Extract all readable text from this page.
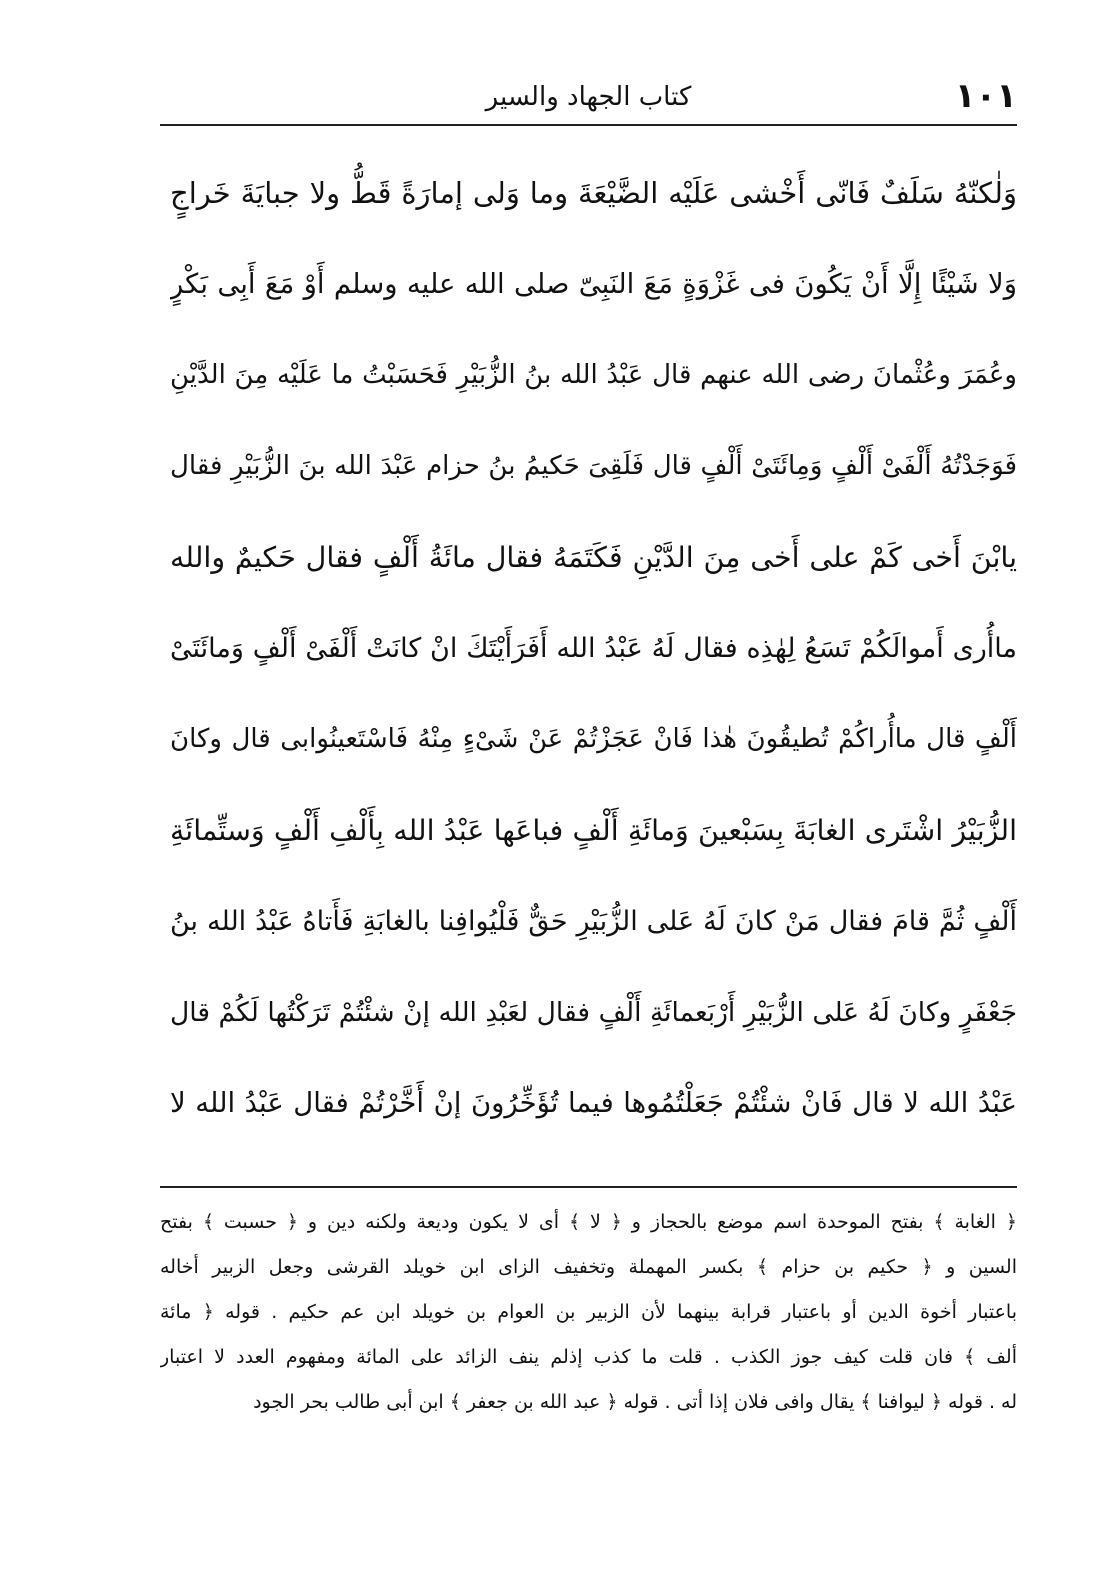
١٠١
كتاب الجهاد والسير
وَلٰكنّهُ سَلَفٌ فَانّی أَخْشی عَلَیْه الضَّیْعَةَ وما وَلی إمارَةً قَطُّ ولا جبایَةَ خَراجٍ
وَلا شَیْئًا إِلَّا أَنْ یَكُونَ فی غَزْوَةٍ مَعَ النَبِیّ صلی الله علیه وسلم أَوْ مَعَ أَبِی بَكْرٍ
وعُمَرَ وعُثْمانَ رضی الله عنهم قال عَبْدُ الله بنُ الزُّبَیْرِ فَحَسَبْتُ ما عَلَیْه مِنَ الدَّیْنِ
فَوَجَدْتُهُ أَلْفَیْ أَلْفٍ وَمِائَتَیْ أَلْفٍ قال فَلَقِیَ حَكیمُ بنُ حزام عَبْدَ الله بنَ الزُّبَیْرِ فقال
یابْنَ أَخی كَمْ علی أَخی مِنَ الدَّیْنِ فَكَتَمَهُ فقال مائَةُ أَلْفٍ فقال حَكیمٌ والله
ماأُری أَموالَكُمْ تَسَعُ لِهٰذِه فقال لَهُ عَبْدُ الله أَفَرَأَیْتَكَ انْ كانَتْ أَلْفَیْ أَلْفٍ وَمائَتَیْ
أَلْفٍ قال ماأُراكُمْ تُطیقُونَ هٰذا فَانْ عَجَزْتُمْ عَنْ شَیْءٍ مِنْهُ فَاسْتَعینُوابی قال وكانَ
الزُّبَیْرُ اشْتَری الغابَةَ بِسَبْعینَ وَمائَةِ أَلْفٍ فباعَها عَبْدُ الله بِأَلْفِ أَلْفٍ وَستِّمائَةِ
أَلْفٍ ثُمَّ قامَ فقال مَنْ كانَ لَهُ عَلی الزُّبَیْرِ حَقٌّ فَلْیُوافِنا بالغابَةِ فَأَتاهُ عَبْدُ الله بنُ
جَعْفَرٍ وكانَ لَهُ عَلی الزُّبَیْرِ أَرْبَعمائَةِ أَلْفٍ فقال لعَبْدِ الله إنْ شئْتُمْ تَرَكْتُها لَكُمْ قال
عَبْدُ الله لا قال فَانْ شئْتُمْ جَعَلْتُمُوها فیما تُؤَخِّرُونَ إنْ أَخَّرْتُمْ فقال عَبْدُ الله لا
﴿ الغابة ﴾ بفتح الموحدة اسم موضع بالحجاز و ﴿ لا ﴾ أی لا یكون ودیعة ولكنه دین و ﴿ حسبت ﴾ بفتح
السین و ﴿ حكیم بن حزام ﴾ بكسر المهملة وتخفیف الزای ابن خویلد القرشی وجعل الزبیر أخاله
باعتبار أخوة الدین أو باعتبار قرابة بینهما لأن الزبیر بن العوام بن خویلد ابن عم حكیم . قوله ﴿ مائة
ألف ﴾ فان قلت كیف جوز الكذب . قلت ما كذب إذلم ینف الزائد علی المائة ومفهوم العدد لا اعتبار
له . قوله ﴿ لیوافنا ﴾ یقال وافی فلان إذا أتی . قوله ﴿ عبد الله بن جعفر ﴾ ابن أبی طالب بحر الجود
